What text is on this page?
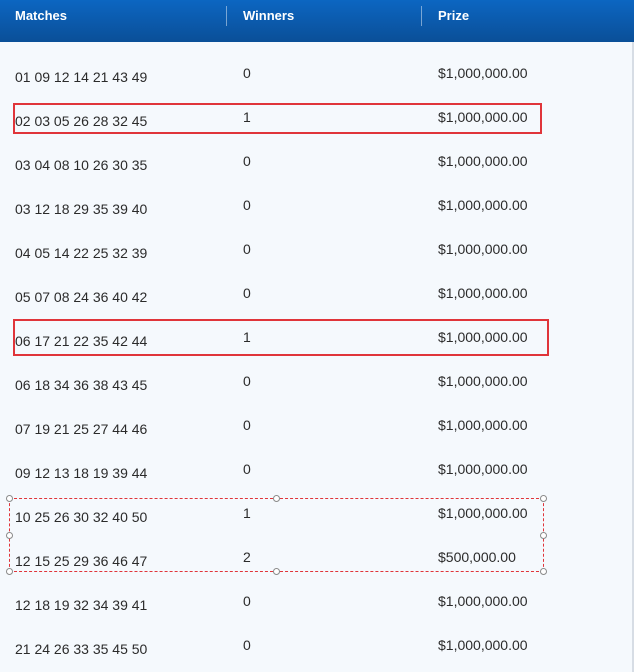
Matches	Winners	Prize
01 09 12 14 21 43 49	0	$1,000,000.00
02 03 05 26 28 32 45	1	$1,000,000.00
03 04 08 10 26 30 35	0	$1,000,000.00
03 12 18 29 35 39 40	0	$1,000,000.00
04 05 14 22 25 32 39	0	$1,000,000.00
05 07 08 24 36 40 42	0	$1,000,000.00
06 17 21 22 35 42 44	1	$1,000,000.00
06 18 34 36 38 43 45	0	$1,000,000.00
07 19 21 25 27 44 46	0	$1,000,000.00
09 12 13 18 19 39 44	0	$1,000,000.00
10 25 26 30 32 40 50	1	$1,000,000.00
12 15 25 29 36 46 47	2	$500,000.00
12 18 19 32 34 39 41	0	$1,000,000.00
21 24 26 33 35 45 50	0	$1,000,000.00
